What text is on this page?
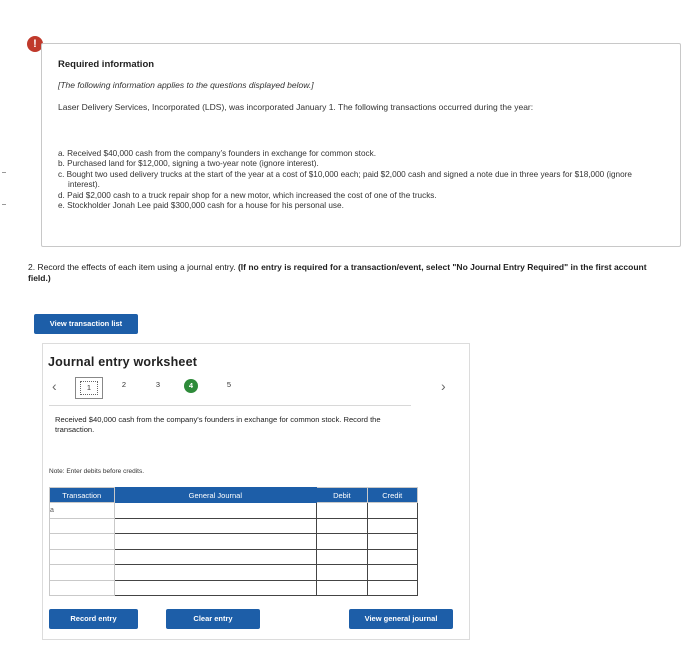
!
Required information
[The following information applies to the questions displayed below.]
Laser Delivery Services, Incorporated (LDS), was incorporated January 1. The following transactions occurred during the year:
a. Received $40,000 cash from the company’s founders in exchange for common stock.
b. Purchased land for $12,000, signing a two-year note (ignore interest).
c. Bought two used delivery trucks at the start of the year at a cost of $10,000 each; paid $2,000 cash and signed a note due in three years for $18,000 (ignore interest).
d. Paid $2,000 cash to a truck repair shop for a new motor, which increased the cost of one of the trucks.
e. Stockholder Jonah Lee paid $300,000 cash for a house for his personal use.
2. Record the effects of each item using a journal entry. (If no entry is required for a transaction/event, select "No Journal Entry Required" in the first account field.)
View transaction list
Journal entry worksheet
‹	1	2	3	4	5	›
Received $40,000 cash from the company's founders in exchange for common stock. Record the transaction.
Note: Enter debits before credits.
Transaction	General Journal	Debit	Credit
a			

Record entry	Clear entry	View general journal
